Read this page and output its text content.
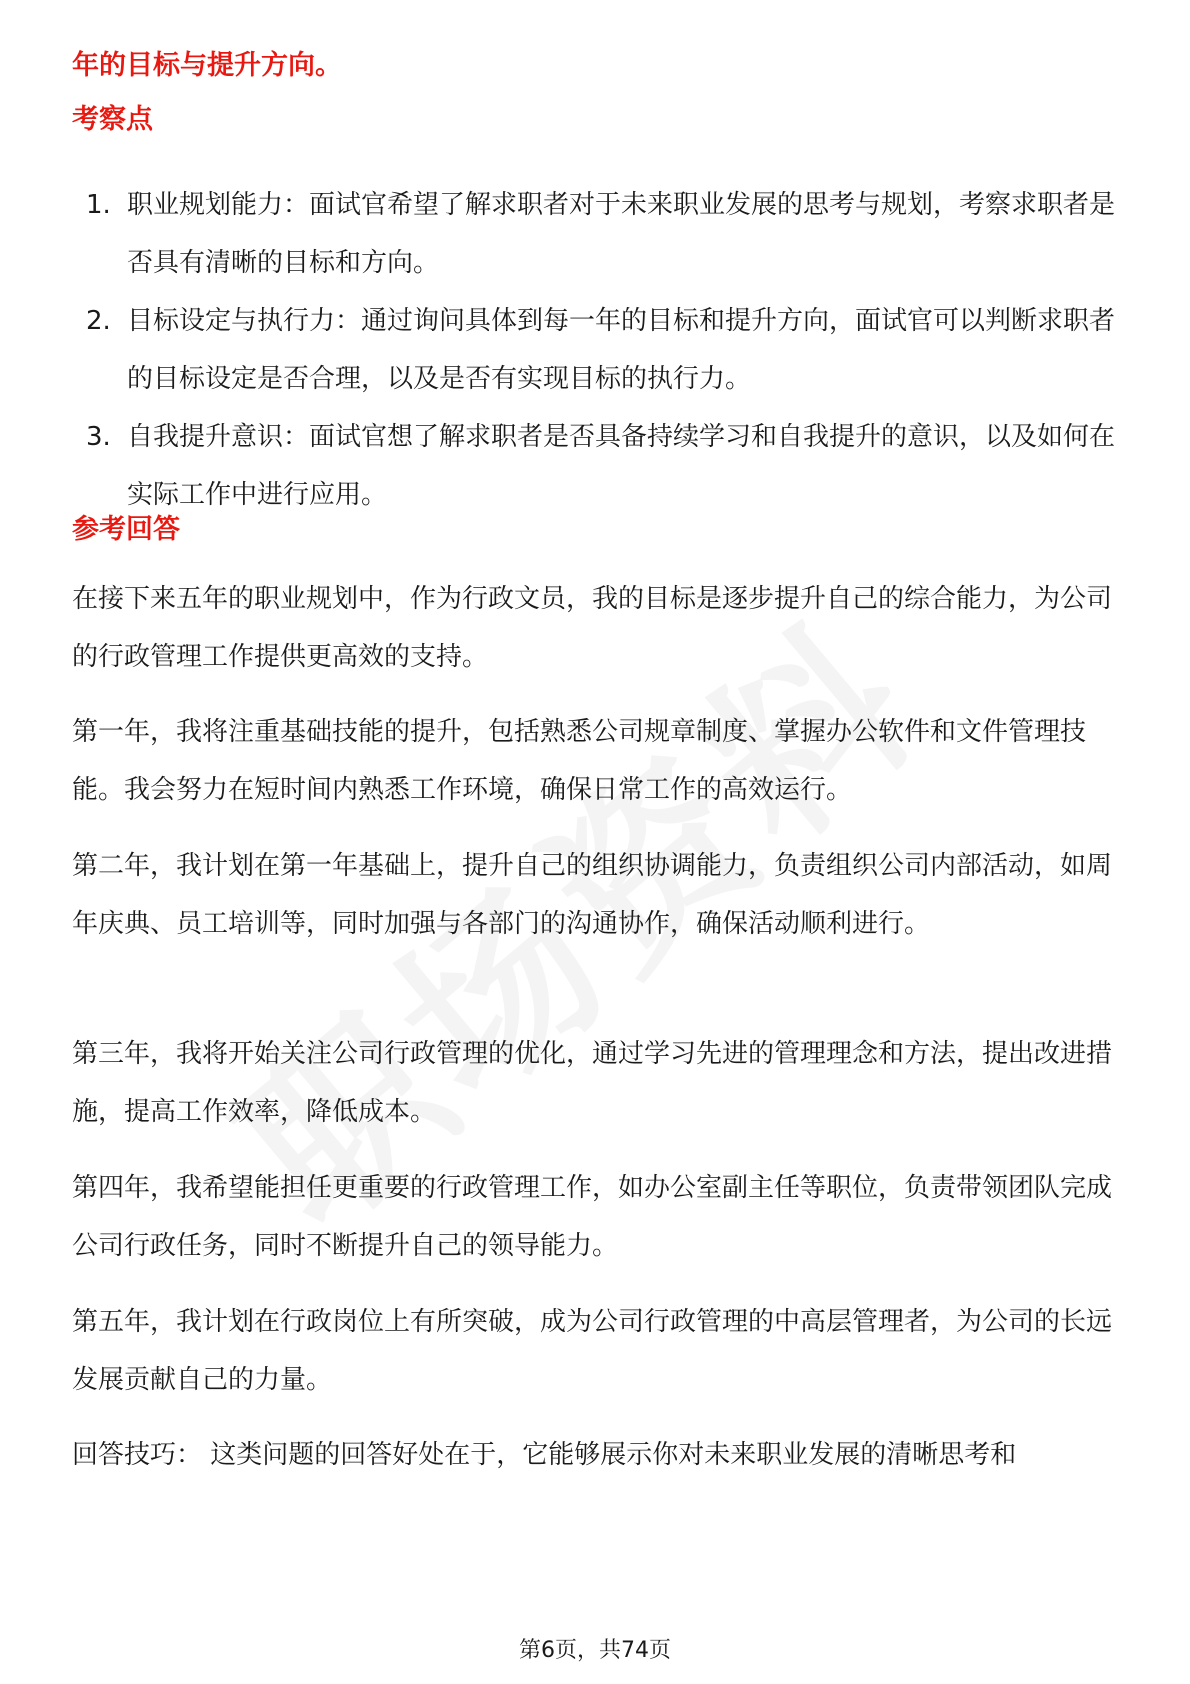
年的目标与提升方向。
考察点
1. 职业规划能力：面试官希望了解求职者对于未来职业发展的思考与规划，考察求职者是否具有清晰的目标和方向。
2. 目标设定与执行力：通过询问具体到每一年的目标和提升方向，面试官可以判断求职者的目标设定是否合理，以及是否有实现目标的执行力。
3. 自我提升意识：面试官想了解求职者是否具备持续学习和自我提升的意识，以及如何在实际工作中进行应用。
参考回答

在接下来五年的职业规划中，作为行政文员，我的目标是逐步提升自己的综合能力，为公司的行政管理工作提供更高效的支持。

第一年，我将注重基础技能的提升，包括熟悉公司规章制度、掌握办公软件和文件管理技能。我会努力在短时间内熟悉工作环境，确保日常工作的高效运行。

第二年，我计划在第一年基础上，提升自己的组织协调能力，负责组织公司内部活动，如周年庆典、员工培训等，同时加强与各部门的沟通协作，确保活动顺利进行。

第三年，我将开始关注公司行政管理的优化，通过学习先进的管理理念和方法，提出改进措施，提高工作效率，降低成本。

第四年，我希望能担任更重要的行政管理工作，如办公室副主任等职位，负责带领团队完成公司行政任务，同时不断提升自己的领导能力。

第五年，我计划在行政岗位上有所突破，成为公司行政管理的中高层管理者，为公司的长远发展贡献自己的力量。

回答技巧： 这类问题的回答好处在于，它能够展示你对未来职业发展的清晰思考和

第6页，共74页
